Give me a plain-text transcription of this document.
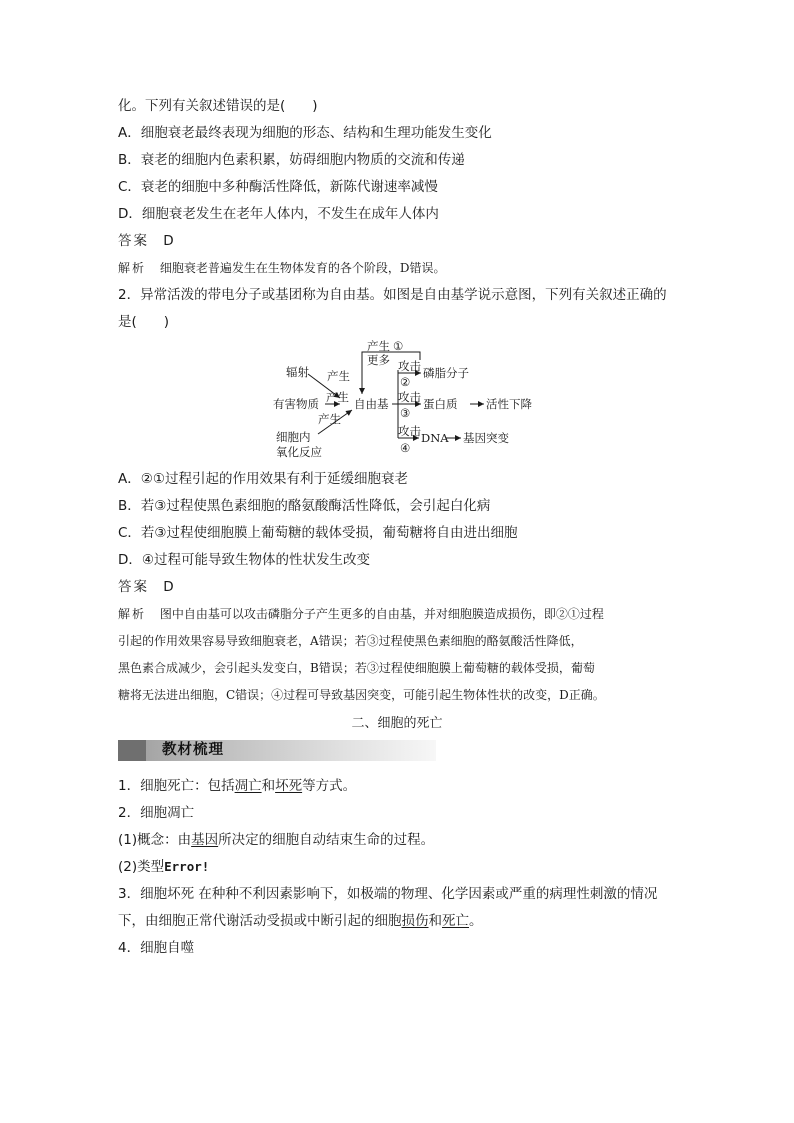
化。下列有关叙述错误的是(　　)
A．细胞衰老最终表现为细胞的形态、结构和生理功能发生变化
B．衰老的细胞内色素积累，妨碍细胞内物质的交流和传递
C．衰老的细胞中多种酶活性降低，新陈代谢速率减慢
D．细胞衰老发生在老年人体内，不发生在成年人体内
答案 D
解析 细胞衰老普遍发生在生物体发育的各个阶段，D错误。
2．异常活泼的带电分子或基团称为自由基。如图是自由基学说示意图，下列有关叙述正确的
是(　　)
辐射 产生
有害物质 产生
产生
细胞内
氧化反应
自由基
产生 ①
更多 攻击
②
磷脂分子
攻击
③
蛋白质 活性下降
攻击
④
DNA 基因突变
A．②①过程引起的作用效果有利于延缓细胞衰老
B．若③过程使黑色素细胞的酪氨酸酶活性降低，会引起白化病
C．若③过程使细胞膜上葡萄糖的载体受损，葡萄糖将自由进出细胞
D．④过程可能导致生物体的性状发生改变
答案 D
解析 图中自由基可以攻击磷脂分子产生更多的自由基，并对细胞膜造成损伤，即②①过程
引起的作用效果容易导致细胞衰老，A错误；若③过程使黑色素细胞的酪氨酸活性降低，
黑色素合成减少，会引起头发变白，B错误；若③过程使细胞膜上葡萄糖的载体受损，葡萄
糖将无法进出细胞，C错误；④过程可导致基因突变，可能引起生物体性状的改变，D正确。
二、细胞的死亡
教材梳理
1．细胞死亡：包括凋亡和坏死等方式。
2．细胞凋亡
(1)概念：由基因所决定的细胞自动结束生命的过程。
(2)类型Error!
3．细胞坏死 在种种不利因素影响下，如极端的物理、化学因素或严重的病理性刺激的情况
下，由细胞正常代谢活动受损或中断引起的细胞损伤和死亡。
4．细胞自噬
